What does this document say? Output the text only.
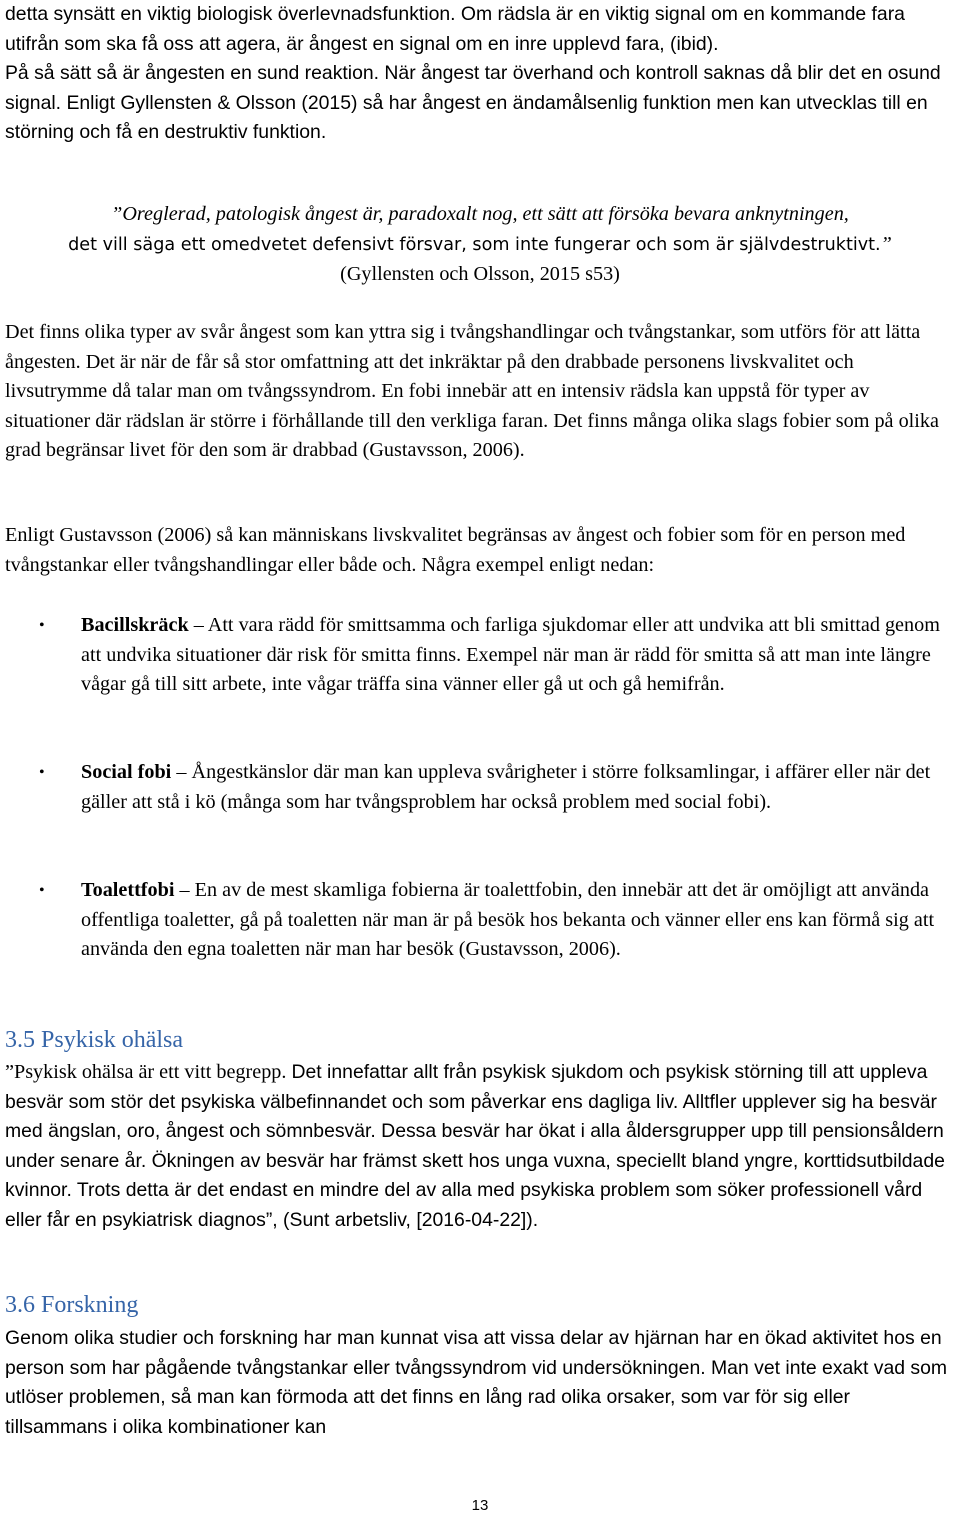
detta synsätt en viktig biologisk överlevnadsfunktion. Om rädsla är en viktig signal om en kommande fara utifrån som ska få oss att agera, är ångest en signal om en inre upplevd fara, (ibid).
På så sätt så är ångesten en sund reaktion. När ångest tar överhand och kontroll saknas då blir det en osund signal. Enligt Gyllensten & Olsson (2015) så har ångest en ändamålsenlig funktion men kan utvecklas till en störning och få en destruktiv funktion.

”Oreglerad, patologisk ångest är, paradoxalt nog, ett sätt att försöka bevara anknytningen,
det vill säga ett omedvetet defensivt försvar, som inte fungerar och som är självdestruktivt.”
(Gyllensten och Olsson, 2015 s53)

Det finns olika typer av svår ångest som kan yttra sig i tvångshandlingar och tvångstankar, som utförs för att lätta ångesten. Det är när de får så stor omfattning att det inkräktar på den drabbade personens livskvalitet och livsutrymme då talar man om tvångssyndrom. En fobi innebär att en intensiv rädsla kan uppstå för typer av situationer där rädslan är större i förhållande till den verkliga faran. Det finns många olika slags fobier som på olika grad begränsar livet för den som är drabbad (Gustavsson, 2006).

Enligt Gustavsson (2006) så kan människans livskvalitet begränsas av ångest och fobier som för en person med tvångstankar eller tvångshandlingar eller både och. Några exempel enligt nedan:

• Bacillskräck – Att vara rädd för smittsamma och farliga sjukdomar eller att undvika att bli smittad genom att undvika situationer där risk för smitta finns. Exempel när man är rädd för smitta så att man inte längre vågar gå till sitt arbete, inte vågar träffa sina vänner eller gå ut och gå hemifrån.
• Social fobi – Ångestkänslor där man kan uppleva svårigheter i större folksamlingar, i affärer eller när det gäller att stå i kö (många som har tvångsproblem har också problem med social fobi).
• Toalettfobi – En av de mest skamliga fobierna är toalettfobin, den innebär att det är omöjligt att använda offentliga toaletter, gå på toaletten när man är på besök hos bekanta och vänner eller ens kan förmå sig att använda den egna toaletten när man har besök (Gustavsson, 2006).
3.5 Psykisk ohälsa

”Psykisk ohälsa är ett vitt begrepp. Det innefattar allt från psykisk sjukdom och psykisk störning till att uppleva besvär som stör det psykiska välbefinnandet och som påverkar ens dagliga liv. Alltfler upplever sig ha besvär med ängslan, oro, ångest och sömnbesvär. Dessa besvär har ökat i alla åldersgrupper upp till pensionsåldern under senare år. Ökningen av besvär har främst skett hos unga vuxna, speciellt bland yngre, korttidsutbildade kvinnor. Trots detta är det endast en mindre del av alla med psykiska problem som söker professionell vård eller får en psykiatrisk diagnos”, (Sunt arbetsliv, [2016-04-22]).

3.6 Forskning

Genom olika studier och forskning har man kunnat visa att vissa delar av hjärnan har en ökad aktivitet hos en person som har pågående tvångstankar eller tvångssyndrom vid undersökningen. Man vet inte exakt vad som utlöser problemen, så man kan förmoda att det finns en lång rad olika orsaker, som var för sig eller tillsammans i olika kombinationer kan

13
